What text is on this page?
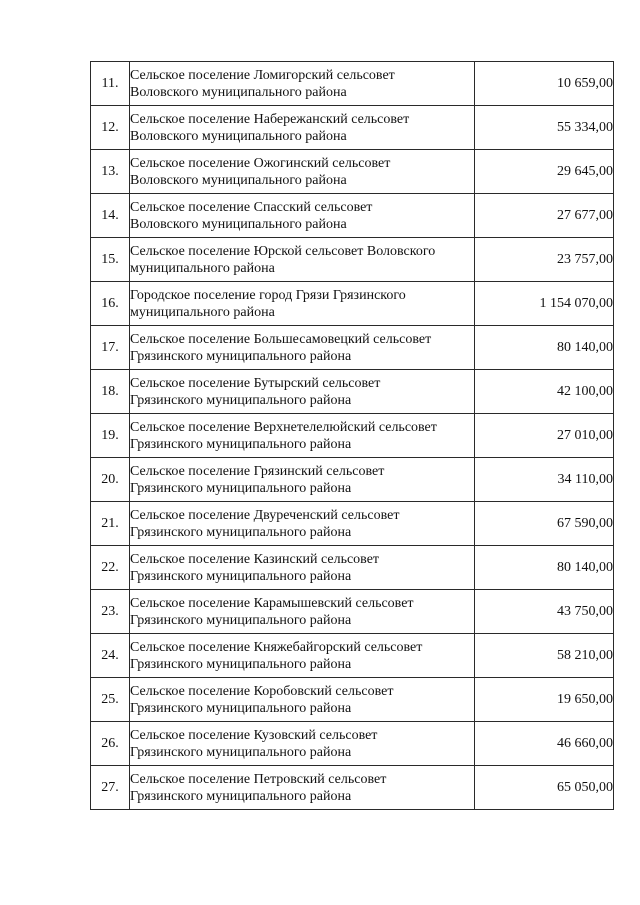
11.	Сельское поселение Ломигорский сельсовет
Воловского муниципального района	10 659,00
12.	Сельское поселение Набережанский сельсовет
Воловского муниципального района	55 334,00
13.	Сельское поселение Ожогинский сельсовет
Воловского муниципального района	29 645,00
14.	Сельское поселение Спасский сельсовет
Воловского муниципального района	27 677,00
15.	Сельское поселение Юрской сельсовет Воловского
муниципального района	23 757,00
16.	Городское поселение город Грязи Грязинского
муниципального района	1 154 070,00
17.	Сельское поселение Большесамовецкий сельсовет
Грязинского муниципального района	80 140,00
18.	Сельское поселение Бутырский сельсовет
Грязинского муниципального района	42 100,00
19.	Сельское поселение Верхнетелелюйский сельсовет
Грязинского муниципального района	27 010,00
20.	Сельское поселение Грязинский сельсовет
Грязинского муниципального района	34 110,00
21.	Сельское поселение Двуреченский сельсовет
Грязинского муниципального района	67 590,00
22.	Сельское поселение Казинский сельсовет
Грязинского муниципального района	80 140,00
23.	Сельское поселение Карамышевский сельсовет
Грязинского муниципального района	43 750,00
24.	Сельское поселение Княжебайгорский сельсовет
Грязинского муниципального района	58 210,00
25.	Сельское поселение Коробовский сельсовет
Грязинского муниципального района	19 650,00
26.	Сельское поселение Кузовский сельсовет
Грязинского муниципального района	46 660,00
27.	Сельское поселение Петровский сельсовет
Грязинского муниципального района	65 050,00
